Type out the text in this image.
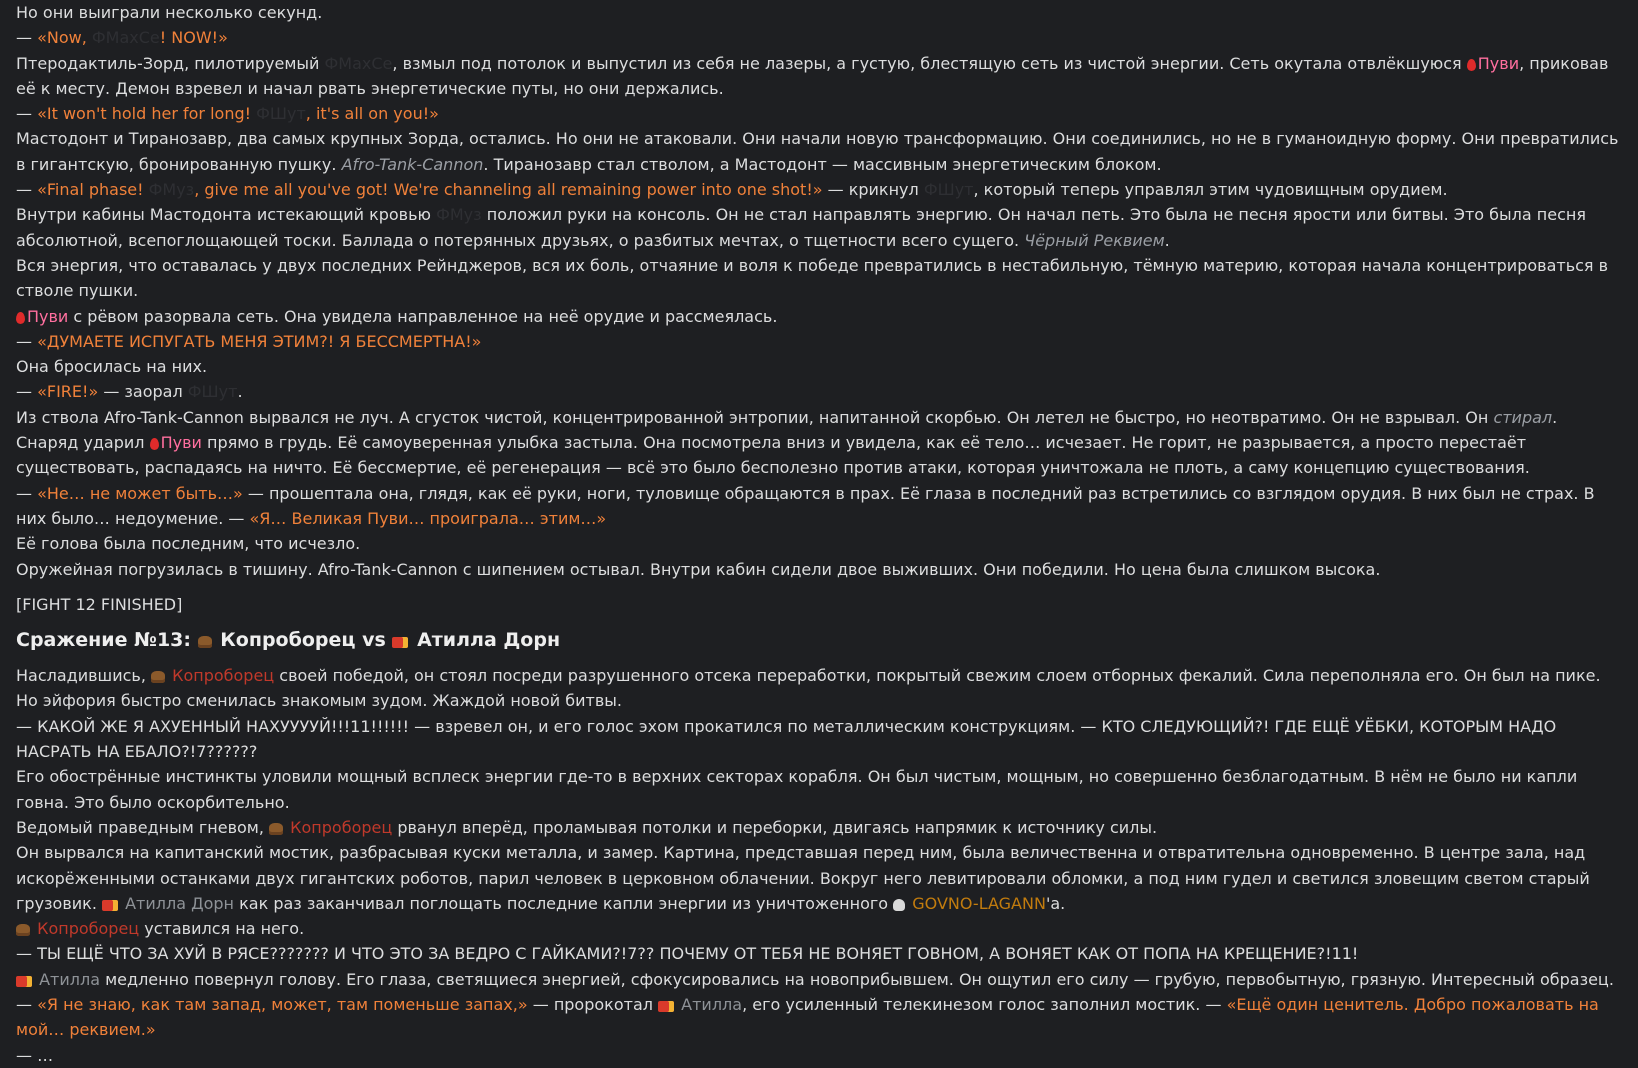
Но они выиграли несколько секунд.
— «Now, ФMaxCe! NOW!»
Птеродактиль-Зорд, пилотируемый ФMaxCe, взмыл под потолок и выпустил из себя не лазеры, а густую, блестящую сеть из чистой энергии. Сеть окутала отвлёкшуюся Пуви, приковав её к месту. Демон взревел и начал рвать энергетические путы, но они держались.
— «It won't hold her for long! ФШут, it's all on you!»
Мастодонт и Тиранозавр, два самых крупных Зорда, остались. Но они не атаковали. Они начали новую трансформацию. Они соединились, но не в гуманоидную форму. Они превратились в гигантскую, бронированную пушку. Afro-Tank-Cannon. Тиранозавр стал стволом, а Мастодонт — массивным энергетическим блоком.
— «Final phase! ФМуз, give me all you've got! We're channeling all remaining power into one shot!» — крикнул ФШут, который теперь управлял этим чудовищным орудием.
Внутри кабины Мастодонта истекающий кровью ФМуз положил руки на консоль. Он не стал направлять энергию. Он начал петь. Это была не песня ярости или битвы. Это была песня абсолютной, всепоглощающей тоски. Баллада о потерянных друзьях, о разбитых мечтах, о тщетности всего сущего. Чёрный Реквием.
Вся энергия, что оставалась у двух последних Рейнджеров, вся их боль, отчаяние и воля к победе превратились в нестабильную, тёмную материю, которая начала концентрироваться в стволе пушки.
Пуви с рёвом разорвала сеть. Она увидела направленное на неё орудие и рассмеялась.
— «ДУМАЕТЕ ИСПУГАТЬ МЕНЯ ЭТИМ?! Я БЕССМЕРТНА!»
Она бросилась на них.
— «FIRE!» — заорал ФШут.
Из ствола Afro-Tank-Cannon вырвался не луч. А сгусток чистой, концентрированной энтропии, напитанной скорбью. Он летел не быстро, но неотвратимо. Он не взрывал. Он стирал.
Снаряд ударил Пуви прямо в грудь. Её самоуверенная улыбка застыла. Она посмотрела вниз и увидела, как её тело… исчезает. Не горит, не разрывается, а просто перестаёт существовать, распадаясь на ничто. Её бессмертие, её регенерация — всё это было бесполезно против атаки, которая уничтожала не плоть, а саму концепцию существования.
— «Не… не может быть…» — прошептала она, глядя, как её руки, ноги, туловище обращаются в прах. Её глаза в последний раз встретились со взглядом орудия. В них был не страх. В них было… недоумение. — «Я… Великая Пуви… проиграла… этим…»
Её голова была последним, что исчезло.
Оружейная погрузилась в тишину. Afro-Tank-Cannon с шипением остывал. Внутри кабин сидели двое выживших. Они победили. Но цена была слишком высока.
[FIGHT 12 FINISHED]
Сражение №13:  Копроборец vs  Атилла Дорн
Насладившись,  Копроборец своей победой, он стоял посреди разрушенного отсека переработки, покрытый свежим слоем отборных фекалий. Сила переполняла его. Он был на пике. Но эйфория быстро сменилась знакомым зудом. Жаждой новой битвы.
— КАКОЙ ЖЕ Я АХУЕННЫЙ НАХУУУУЙ!!!11!!!!!! — взревел он, и его голос эхом прокатился по металлическим конструкциям. — КТО СЛЕДУЮЩИЙ?! ГДЕ ЕЩЁ УЁБКИ, КОТОРЫМ НАДО НАСРАТЬ НА ЕБАЛО?!7??????
Его обострённые инстинкты уловили мощный всплеск энергии где-то в верхних секторах корабля. Он был чистым, мощным, но совершенно безблагодатным. В нём не было ни капли говна. Это было оскорбительно.
Ведомый праведным гневом,  Копроборец рванул вперёд, проламывая потолки и переборки, двигаясь напрямик к источнику силы.
Он вырвался на капитанский мостик, разбрасывая куски металла, и замер. Картина, представшая перед ним, была величественна и отвратительна одновременно. В центре зала, над искорёженными останками двух гигантских роботов, парил человек в церковном облачении. Вокруг него левитировали обломки, а под ним гудел и светился зловещим светом старый грузовик.  Атилла Дорн как раз заканчивал поглощать последние капли энергии из уничтоженного  GOVNO-LAGANN'а.
Копроборец уставился на него.
— ТЫ ЕЩЁ ЧТО ЗА ХУЙ В РЯСЕ??????? И ЧТО ЭТО ЗА ВЕДРО С ГАЙКАМИ?!7?? ПОЧЕМУ ОТ ТЕБЯ НЕ ВОНЯЕТ ГОВНОМ, А ВОНЯЕТ КАК ОТ ПОПА НА КРЕЩЕНИЕ?!11!
Атилла медленно повернул голову. Его глаза, светящиеся энергией, сфокусировались на новоприбывшем. Он ощутил его силу — грубую, первобытную, грязную. Интересный образец.
— «Я не знаю, как там запад, может, там поменьше запах,» — пророкотал  Атилла, его усиленный телекинезом голос заполнил мостик. — «Ещё один ценитель. Добро пожаловать на мой… реквием.»
— …
